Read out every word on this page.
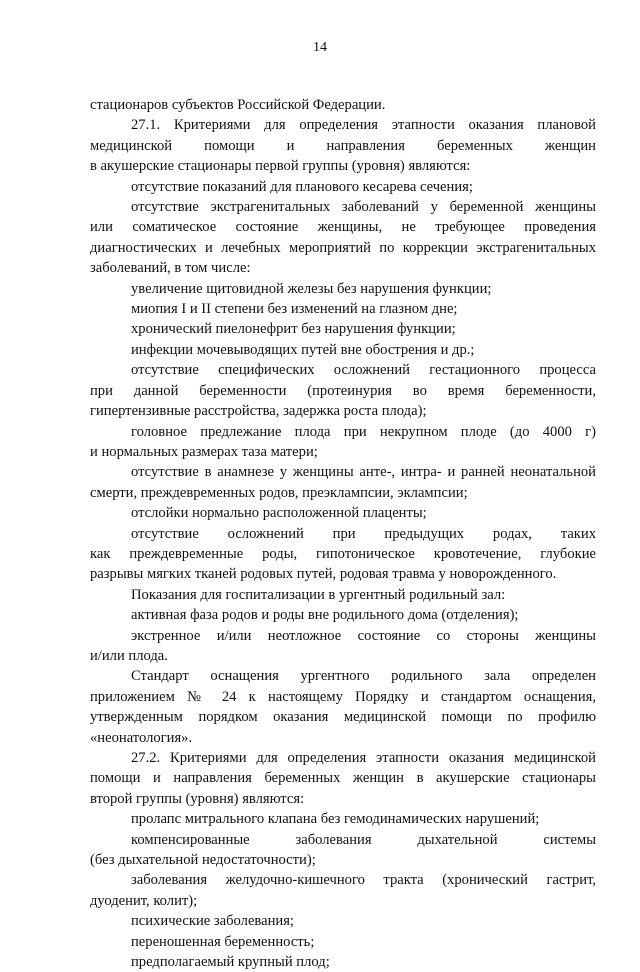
14

стационаров субъектов Российской Федерации.

27.1. Критериями для определения этапности оказания плановой

медицинской помощи и направления беременных женщин

в акушерские стационары первой группы (уровня) являются:

отсутствие показаний для планового кесарева сечения;

отсутствие экстрагенитальных заболеваний у беременной женщины

или соматическое состояние женщины, не требующее проведения

диагностических и лечебных мероприятий по коррекции экстрагенитальных

заболеваний, в том числе:

увеличение щитовидной железы без нарушения функции;

миопия I и II степени без изменений на глазном дне;

хронический пиелонефрит без нарушения функции;

инфекции мочевыводящих путей вне обострения и др.;

отсутствие специфических осложнений гестационного процесса

при данной беременности (протеинурия во время беременности,

гипертензивные расстройства, задержка роста плода);

головное предлежание плода при некрупном плоде (до 4000 г)

и нормальных размерах таза матери;

отсутствие в анамнезе у женщины анте-, интра- и ранней неонатальной

смерти, преждевременных родов, преэклампсии, эклампсии;

отслойки нормально расположенной плаценты;

отсутствие осложнений при предыдущих родах, таких

как преждевременные роды, гипотоническое кровотечение, глубокие

разрывы мягких тканей родовых путей, родовая травма у новорожденного.

Показания для госпитализации в ургентный родильный зал:

активная фаза родов и роды вне родильного дома (отделения);

экстренное и/или неотложное состояние со стороны женщины

и/или плода.

Стандарт оснащения ургентного родильного зала определен

приложением № 24 к настоящему Порядку и стандартом оснащения,

утвержденным порядком оказания медицинской помощи по профилю

«неонатология».

27.2. Критериями для определения этапности оказания медицинской

помощи и направления беременных женщин в акушерские стационары

второй группы (уровня) являются:

пролапс митрального клапана без гемодинамических нарушений;

компенсированные заболевания дыхательной системы

(без дыхательной недостаточности);

заболевания желудочно-кишечного тракта (хронический гастрит,

дуоденит, колит);

психические заболевания;

переношенная беременность;

предполагаемый крупный плод;
